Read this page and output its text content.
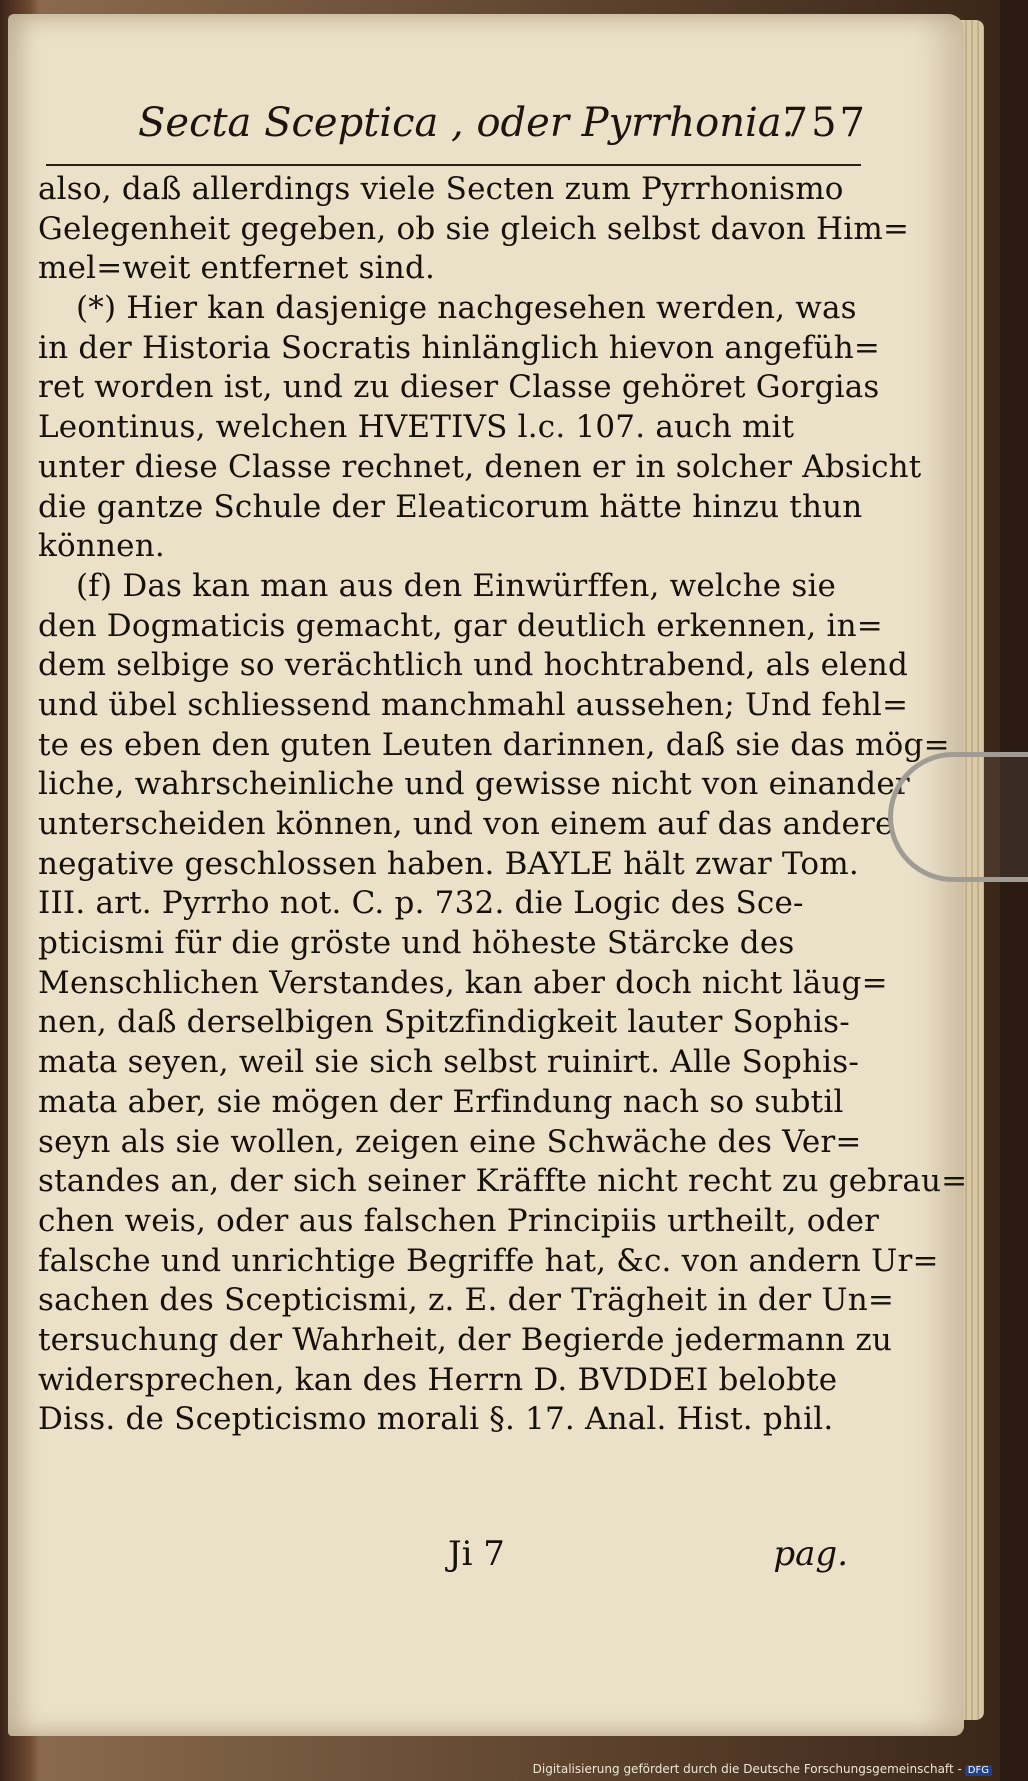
Secta Sceptica , oder Pyrrhonia.
757
also, daß allerdings viele Secten zum Pyrrhonismo
Gelegenheit gegeben, ob sie gleich selbst davon Him=
mel=weit entfernet sind.
(*) Hier kan dasjenige nachgesehen werden, was
in der Historia Socratis hinlänglich hievon angefüh=
ret worden ist, und zu dieser Classe gehöret Gorgias
Leontinus, welchen HVETIVS l.c. 107. auch mit
unter diese Classe rechnet, denen er in solcher Absicht
die gantze Schule der Eleaticorum hätte hinzu thun
können.
(f) Das kan man aus den Einwürffen, welche sie
den Dogmaticis gemacht, gar deutlich erkennen, in=
dem selbige so verächtlich und hochtrabend, als elend
und übel schliessend manchmahl aussehen; Und fehl=
te es eben den guten Leuten darinnen, daß sie das mög=
liche, wahrscheinliche und gewisse nicht von einander
unterscheiden können, und von einem auf das andere
negative geschlossen haben. BAYLE hält zwar Tom.
III. art. Pyrrho not. C. p. 732. die Logic des Sce-
pticismi für die gröste und höheste Stärcke des
Menschlichen Verstandes, kan aber doch nicht läug=
nen, daß derselbigen Spitzfindigkeit lauter Sophis-
mata seyen, weil sie sich selbst ruinirt. Alle Sophis-
mata aber, sie mögen der Erfindung nach so subtil
seyn als sie wollen, zeigen eine Schwäche des Ver=
standes an, der sich seiner Kräffte nicht recht zu gebrau=
chen weis, oder aus falschen Principiis urtheilt, oder
falsche und unrichtige Begriffe hat, &c. von andern Ur=
sachen des Scepticismi, z. E. der Trägheit in der Un=
tersuchung der Wahrheit, der Begierde jedermann zu
widersprechen, kan des Herrn D. BVDDEI belobte
Diss. de Scepticismo morali §. 17. Anal. Hist. phil.
Ji 7	pag.
Digitalisierung gefördert durch die Deutsche Forschungsgemeinschaft - DFG
